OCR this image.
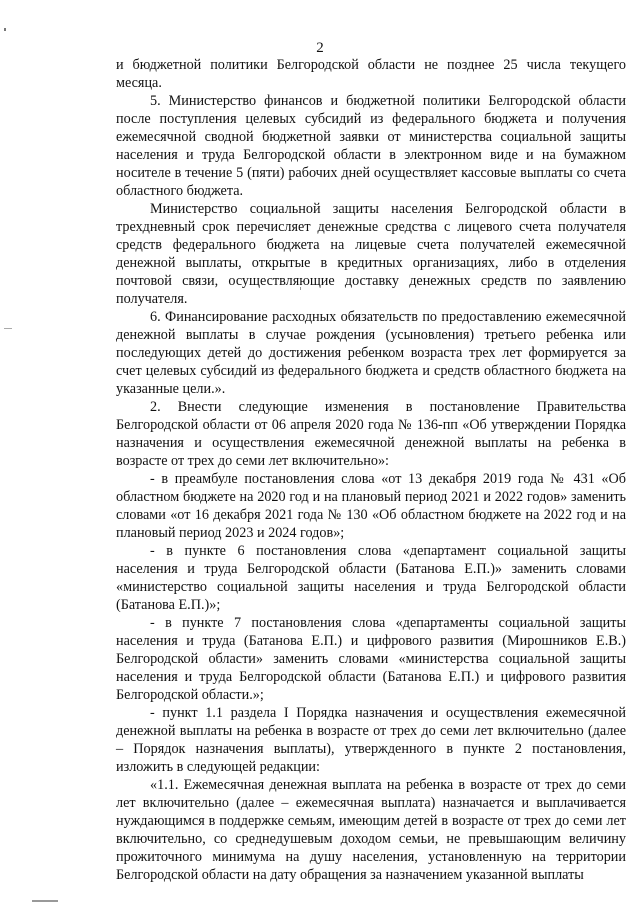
2

и бюджетной политики Белгородской области не позднее 25 числа текущего месяца.

5. Министерство финансов и бюджетной политики Белгородской области после поступления целевых субсидий из федерального бюджета и получения ежемесячной сводной бюджетной заявки от министерства социальной защиты населения и труда Белгородской области в электронном виде и на бумажном носителе в течение 5 (пяти) рабочих дней осуществляет кассовые выплаты со счета областного бюджета.

Министерство социальной защиты населения Белгородской области в трехдневный срок перечисляет денежные средства с лицевого счета получателя средств федерального бюджета на лицевые счета получателей ежемесячной денежной выплаты, открытые в кредитных организациях, либо в отделения почтовой связи, осуществляющие доставку денежных средств по заявлению получателя.

6. Финансирование расходных обязательств по предоставлению ежемесячной денежной выплаты в случае рождения (усыновления) третьего ребенка или последующих детей до достижения ребенком возраста трех лет формируется за счет целевых субсидий из федерального бюджета и средств областного бюджета на указанные цели.».

2. Внести следующие изменения в постановление Правительства Белгородской области от 06 апреля 2020 года № 136-пп «Об утверждении Порядка назначения и осуществления ежемесячной денежной выплаты на ребенка в возрасте от трех до семи лет включительно»:

- в преамбуле постановления слова «от 13 декабря 2019 года № 431 «Об областном бюджете на 2020 год и на плановый период 2021 и 2022 годов» заменить словами «от 16 декабря 2021 года № 130 «Об областном бюджете на 2022 год и на плановый период 2023 и 2024 годов»;

- в пункте 6 постановления слова «департамент социальной защиты населения и труда Белгородской области (Батанова Е.П.)» заменить словами «министерство социальной защиты населения и труда Белгородской области (Батанова Е.П.)»;

- в пункте 7 постановления слова «департаменты социальной защиты населения и труда (Батанова Е.П.) и цифрового развития (Мирошников Е.В.) Белгородской области» заменить словами «министерства социальной защиты населения и труда Белгородской области (Батанова Е.П.) и цифрового развития Белгородской области.»;

- пункт 1.1 раздела I Порядка назначения и осуществления ежемесячной денежной выплаты на ребенка в возрасте от трех до семи лет включительно (далее – Порядок назначения выплаты), утвержденного в пункте 2 постановления, изложить в следующей редакции:

«1.1. Ежемесячная денежная выплата на ребенка в возрасте от трех до семи лет включительно (далее – ежемесячная выплата) назначается и выплачивается нуждающимся в поддержке семьям, имеющим детей в возрасте от трех до семи лет включительно, со среднедушевым доходом семьи, не превышающим величину прожиточного минимума на душу населения, установленную на территории Белгородской области на дату обращения за назначением указанной выплаты
